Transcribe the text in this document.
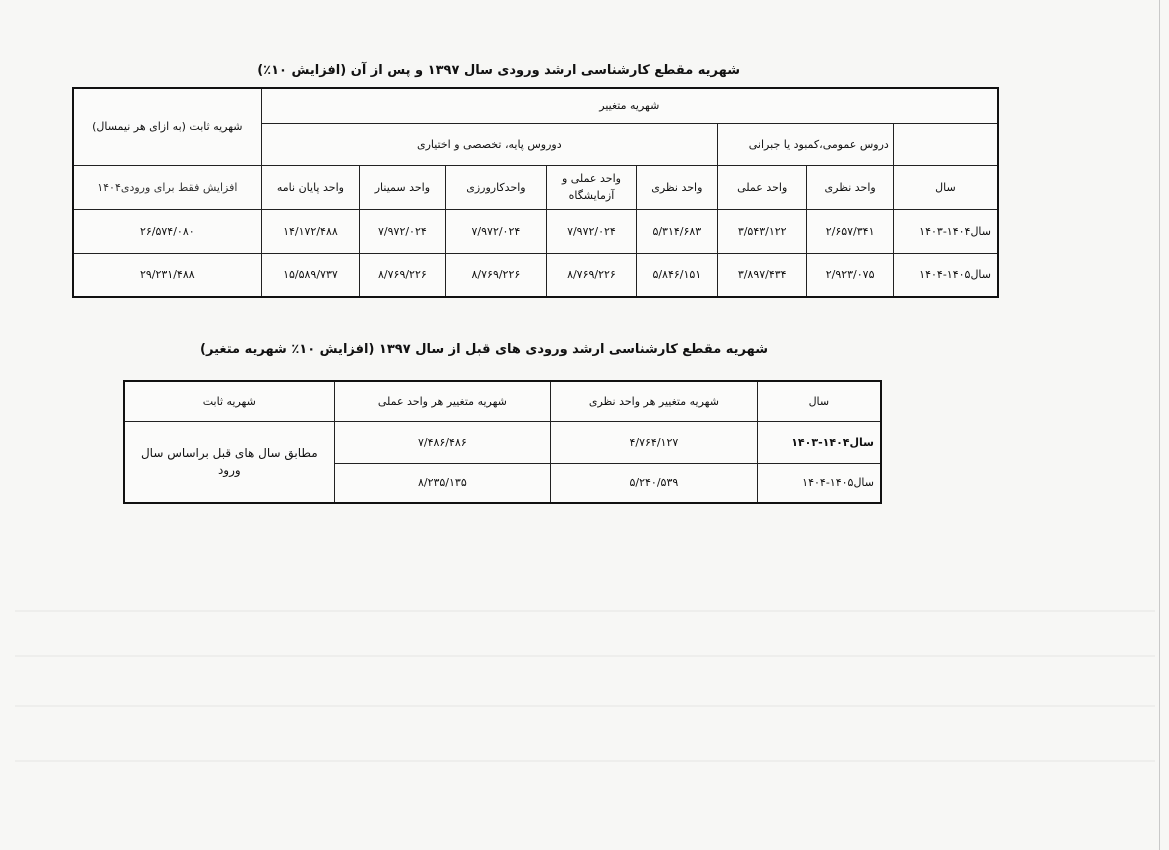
شهریه مقطع کارشناسی ارشد ورودی سال ۱۳۹۷ و پس از آن (افزایش ۱۰٪)
شهریه متغییر								شهریه ثابت (به ازای هر نیمسال)
	دروس عمومی،کمبود یا جبرانی		دوروس پایه، تخصصی و اختیاری					
سال	واحد نظری	واحد عملی	واحد نظری	واحد عملی و آزمایشگاه	واحدکارورزی	واحد سمینار	واحد پایان نامه	افزایش فقط برای ورودی۱۴۰۴
سال۱۴۰۴-۱۴۰۳	۲/۶۵۷/۳۴۱	۳/۵۴۳/۱۲۲	۵/۳۱۴/۶۸۳	۷/۹۷۲/۰۲۴	۷/۹۷۲/۰۲۴	۷/۹۷۲/۰۲۴	۱۴/۱۷۲/۴۸۸	۲۶/۵۷۴/۰۸۰
سال۱۴۰۵-۱۴۰۴	۲/۹۲۳/۰۷۵	۳/۸۹۷/۴۳۴	۵/۸۴۶/۱۵۱	۸/۷۶۹/۲۲۶	۸/۷۶۹/۲۲۶	۸/۷۶۹/۲۲۶	۱۵/۵۸۹/۷۳۷	۲۹/۲۳۱/۴۸۸
شهریه مقطع کارشناسی ارشد ورودی های قبل از سال ۱۳۹۷ (افزایش ۱۰٪ شهریه متغیر)
سال	شهریه متغییر هر واحد نظری	شهریه متغییر هر واحد عملی	شهریه ثابت
سال۱۴۰۴-۱۴۰۳	۴/۷۶۴/۱۲۷	۷/۴۸۶/۴۸۶	مطابق سال های قبل براساس سال ورود
سال۱۴۰۵-۱۴۰۴	۵/۲۴۰/۵۳۹	۸/۲۳۵/۱۳۵	
